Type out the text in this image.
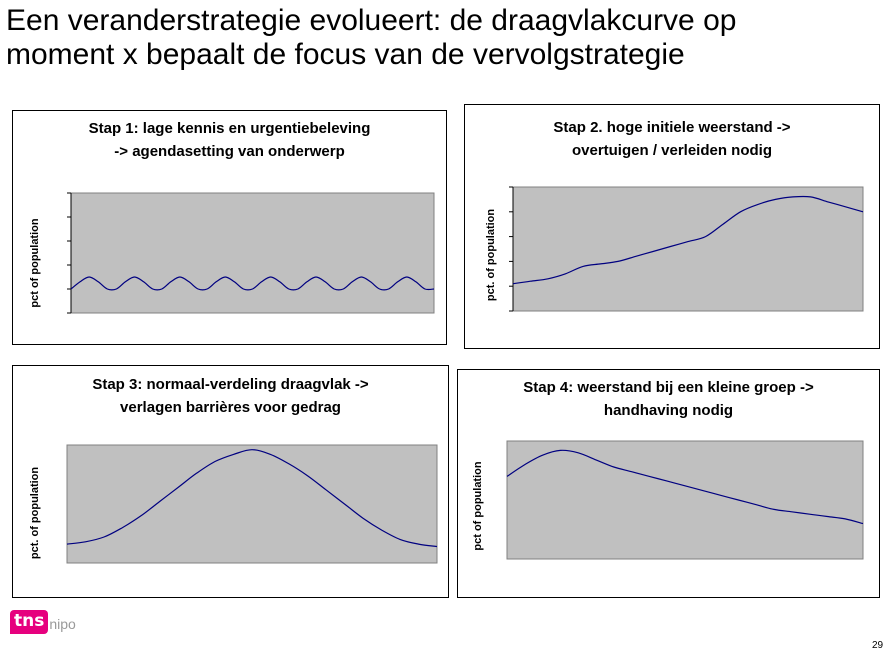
Een veranderstrategie evolueert: de draagvlakcurve op
moment x bepaalt de focus van de vervolgstrategie
Stap 1: lage kennis en urgentiebeleving
-> agendasetting van onderwerp
pct of population
Stap 2. hoge initiele weerstand ->
overtuigen / verleiden nodig
pct. of population
Stap 3: normaal-verdeling draagvlak ->
verlagen barrières voor gedrag
pct. of population
Stap 4: weerstand bij een kleine groep ->
handhaving nodig
pct of population
tns nipo
29
